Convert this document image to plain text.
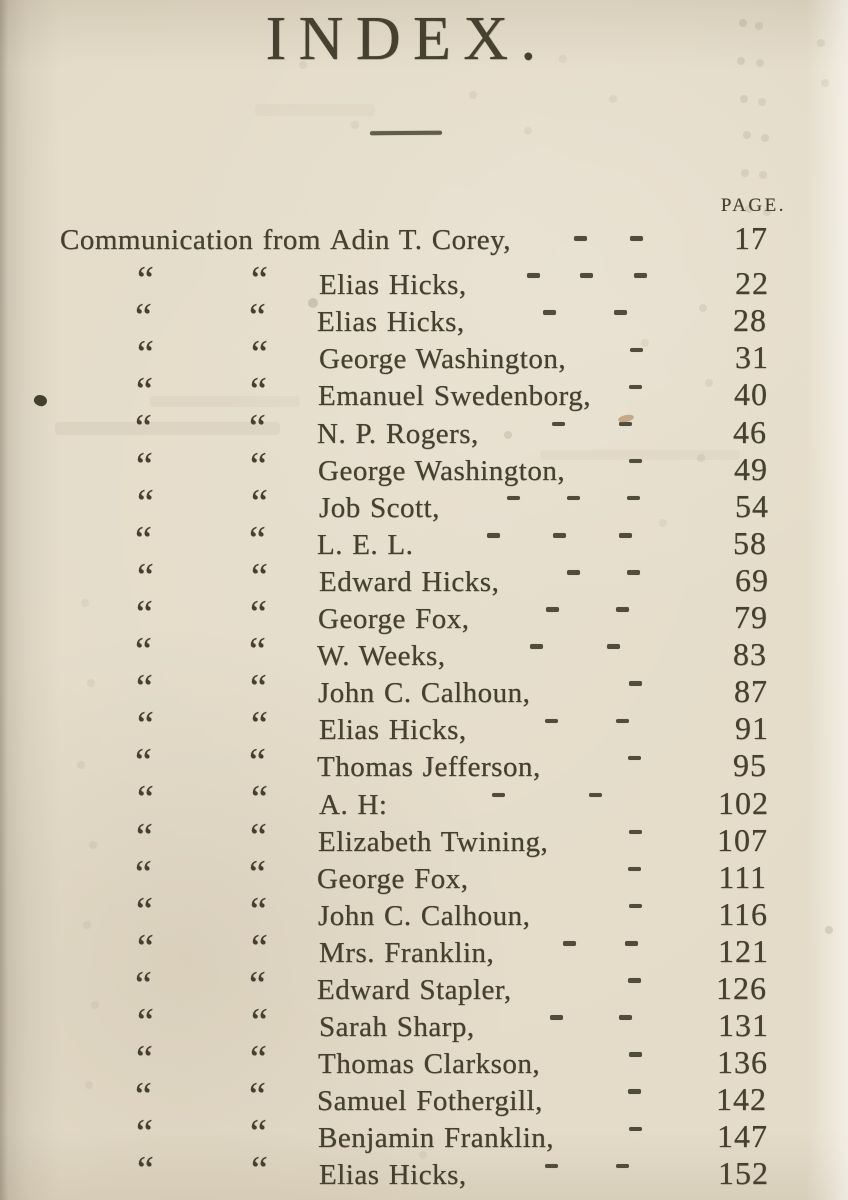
INDEX.
PAGE.
Communication from Adin T. Corey,	17
“	“ Elias Hicks,	22
“	“ Elias Hicks,	28
“	“ George Washington,	31
“	“ Emanuel Swedenborg,	40
“	“ N. P. Rogers,	46
“	“ George Washington,	49
“	“ Job Scott,	54
“	“ L. E. L.	58
“	“ Edward Hicks,	69
“	“ George Fox,	79
“	“ W. Weeks,	83
“	“ John C. Calhoun,	87
“	“ Elias Hicks,	91
“	“ Thomas Jefferson,	95
“	“ A. H:	102
“	“ Elizabeth Twining,	107
“	“ George Fox,	111
“	“ John C. Calhoun,	116
“	“ Mrs. Franklin,	121
“	“ Edward Stapler,	126
“	“ Sarah Sharp,	131
“	“ Thomas Clarkson,	136
“	“ Samuel Fothergill,	142
“	“ Benjamin Franklin,	147
“	“ Elias Hicks,	152
